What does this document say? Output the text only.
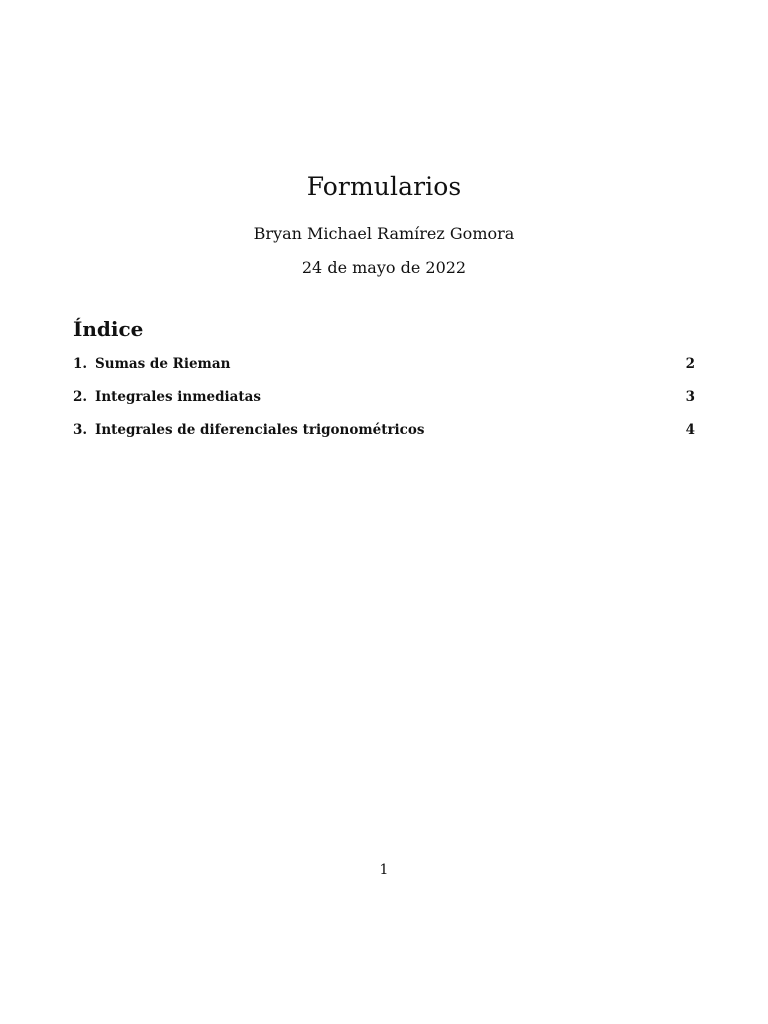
Formularios
Bryan Michael Ramírez Gomora
24 de mayo de 2022
Índice
1. Sumas de Rieman	2
2. Integrales inmediatas	3
3. Integrales de diferenciales trigonométricos	4
1
